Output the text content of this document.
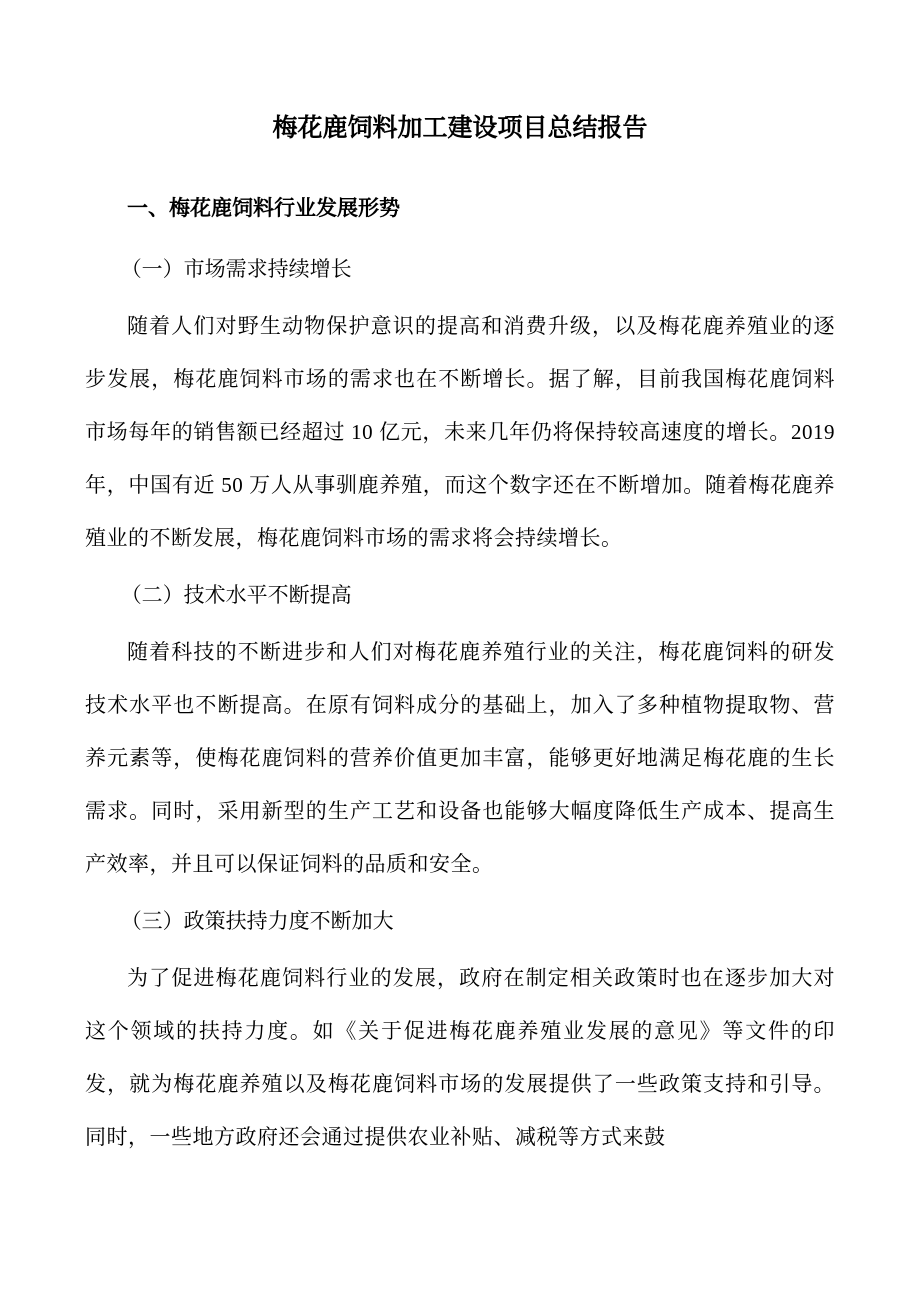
梅花鹿饲料加工建设项目总结报告
一、梅花鹿饲料行业发展形势
（一）市场需求持续增长

随着人们对野生动物保护意识的提高和消费升级，以及梅花鹿养殖业的逐步发展，梅花鹿饲料市场的需求也在不断增长。据了解，目前我国梅花鹿饲料市场每年的销售额已经超过 10 亿元，未来几年仍将保持较高速度的增长。2019 年，中国有近 50 万人从事驯鹿养殖，而这个数字还在不断增加。随着梅花鹿养殖业的不断发展，梅花鹿饲料市场的需求将会持续增长。

（二）技术水平不断提高

随着科技的不断进步和人们对梅花鹿养殖行业的关注，梅花鹿饲料的研发技术水平也不断提高。在原有饲料成分的基础上，加入了多种植物提取物、营养元素等，使梅花鹿饲料的营养价值更加丰富，能够更好地满足梅花鹿的生长需求。同时，采用新型的生产工艺和设备也能够大幅度降低生产成本、提高生产效率，并且可以保证饲料的品质和安全。

（三）政策扶持力度不断加大

为了促进梅花鹿饲料行业的发展，政府在制定相关政策时也在逐步加大对这个领域的扶持力度。如《关于促进梅花鹿养殖业发展的意见》等文件的印发，就为梅花鹿养殖以及梅花鹿饲料市场的发展提供了一些政策支持和引导。同时，一些地方政府还会通过提供农业补贴、减税等方式来鼓
